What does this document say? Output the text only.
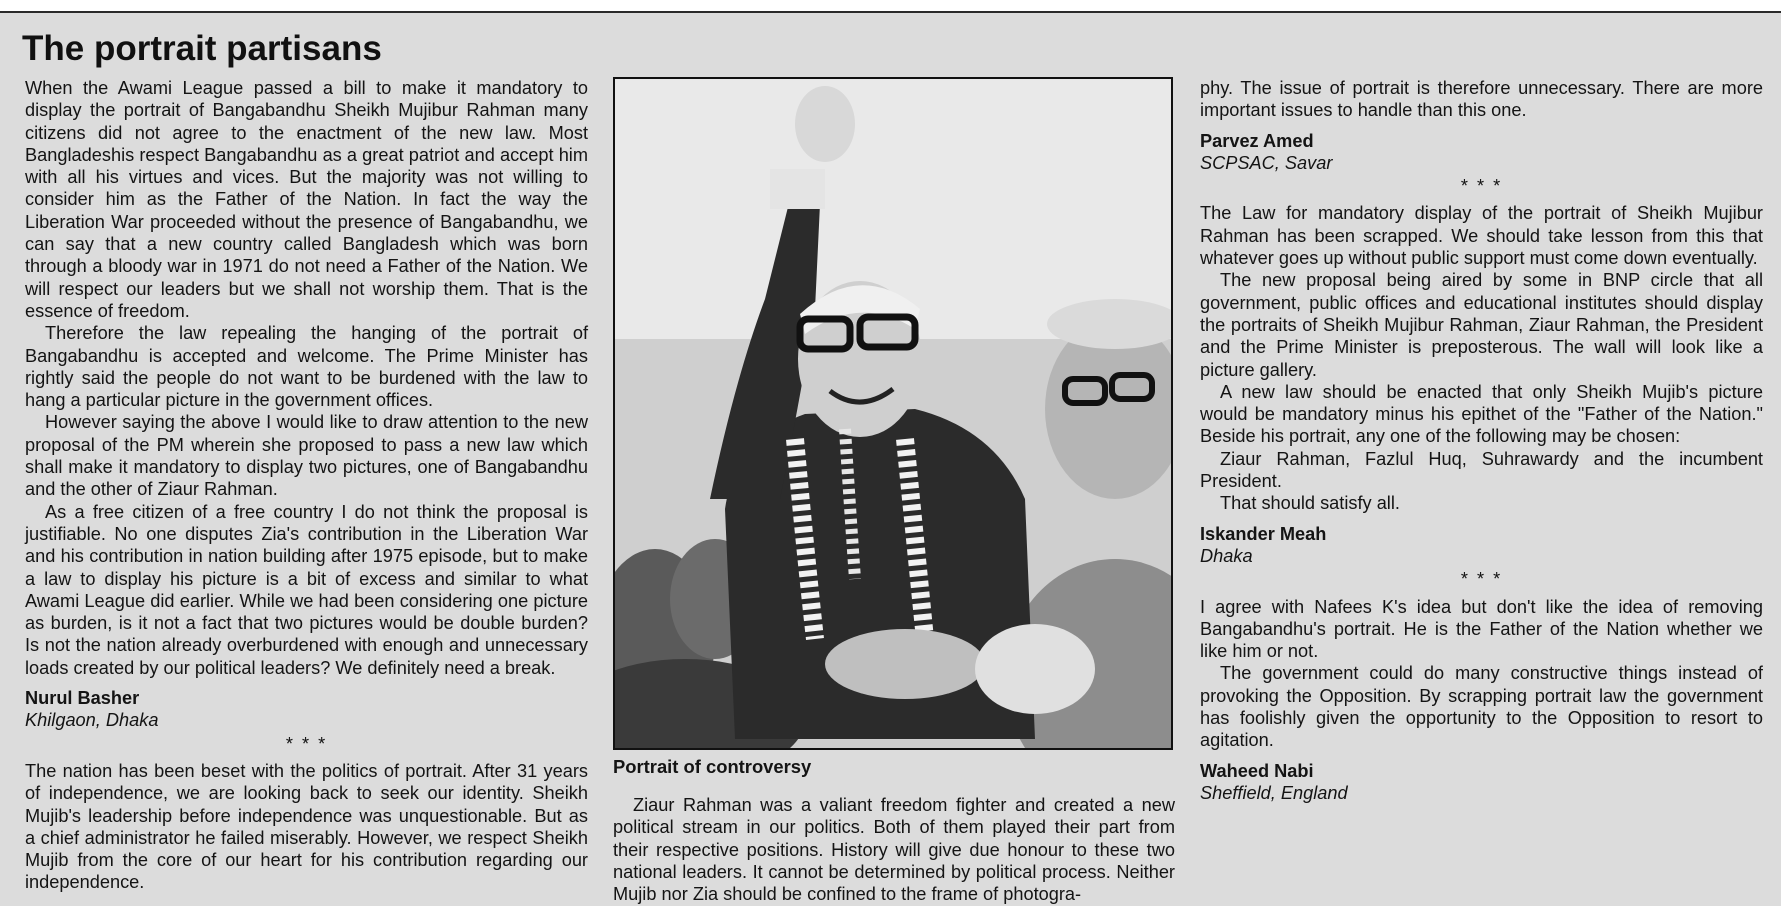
The portrait partisans

When the Awami League passed a bill to make it mandatory to display the portrait of Bangabandhu Sheikh Mujibur Rahman many citizens did not agree to the enactment of the new law. Most Bangladeshis respect Bangabandhu as a great patriot and accept him with all his virtues and vices. But the majority was not willing to consider him as the Father of the Nation. In fact the way the Liberation War proceeded without the presence of Bangabandhu, we can say that a new country called Bangladesh which was born through a bloody war in 1971 do not need a Father of the Nation. We will respect our leaders but we shall not worship them. That is the essence of freedom.

Therefore the law repealing the hanging of the portrait of Bangabandhu is accepted and welcome. The Prime Minister has rightly said the people do not want to be burdened with the law to hang a particular picture in the government offices.

However saying the above I would like to draw attention to the new proposal of the PM wherein she proposed to pass a new law which shall make it mandatory to display two pictures, one of Bangabandhu and the other of Ziaur Rahman.

As a free citizen of a free country I do not think the proposal is justifiable. No one disputes Zia's contribution in the Liberation War and his contribution in nation building after 1975 episode, but to make a law to display his picture is a bit of excess and similar to what Awami League did earlier. While we had been considering one picture as burden, is it not a fact that two pictures would be double burden? Is not the nation already overburdened with enough and unnecessary loads created by our political leaders? We definitely need a break.

Nurul Basher

Khilgaon, Dhaka

* * *

The nation has been beset with the politics of portrait. After 31 years of independence, we are looking back to seek our identity. Sheikh Mujib's leadership before independence was unquestionable. But as a chief administrator he failed miserably. However, we respect Sheikh Mujib from the core of our heart for his contribution regarding our independence.

Portrait of controversy

Ziaur Rahman was a valiant freedom fighter and created a new political stream in our politics. Both of them played their part from their respective positions. History will give due honour to these two national leaders. It cannot be determined by political process. Neither Mujib nor Zia should be confined to the frame of photogra-

phy. The issue of portrait is therefore unnecessary. There are more important issues to handle than this one.

Parvez Amed

SCPSAC, Savar

* * *

The Law for mandatory display of the portrait of Sheikh Mujibur Rahman has been scrapped. We should take lesson from this that whatever goes up without public support must come down eventually.

The new proposal being aired by some in BNP circle that all government, public offices and educational institutes should display the portraits of Sheikh Mujibur Rahman, Ziaur Rahman, the President and the Prime Minister is preposterous. The wall will look like a picture gallery.

A new law should be enacted that only Sheikh Mujib's picture would be mandatory minus his epithet of the "Father of the Nation." Beside his portrait, any one of the following may be chosen:

Ziaur Rahman, Fazlul Huq, Suhrawardy and the incumbent President.

That should satisfy all.

Iskander Meah

Dhaka

* * *

I agree with Nafees K's idea but don't like the idea of removing Bangabandhu's portrait. He is the Father of the Nation whether we like him or not.

The government could do many constructive things instead of provoking the Opposition. By scrapping portrait law the government has foolishly given the opportunity to the Opposition to resort to agitation.

Waheed Nabi

Sheffield, England
